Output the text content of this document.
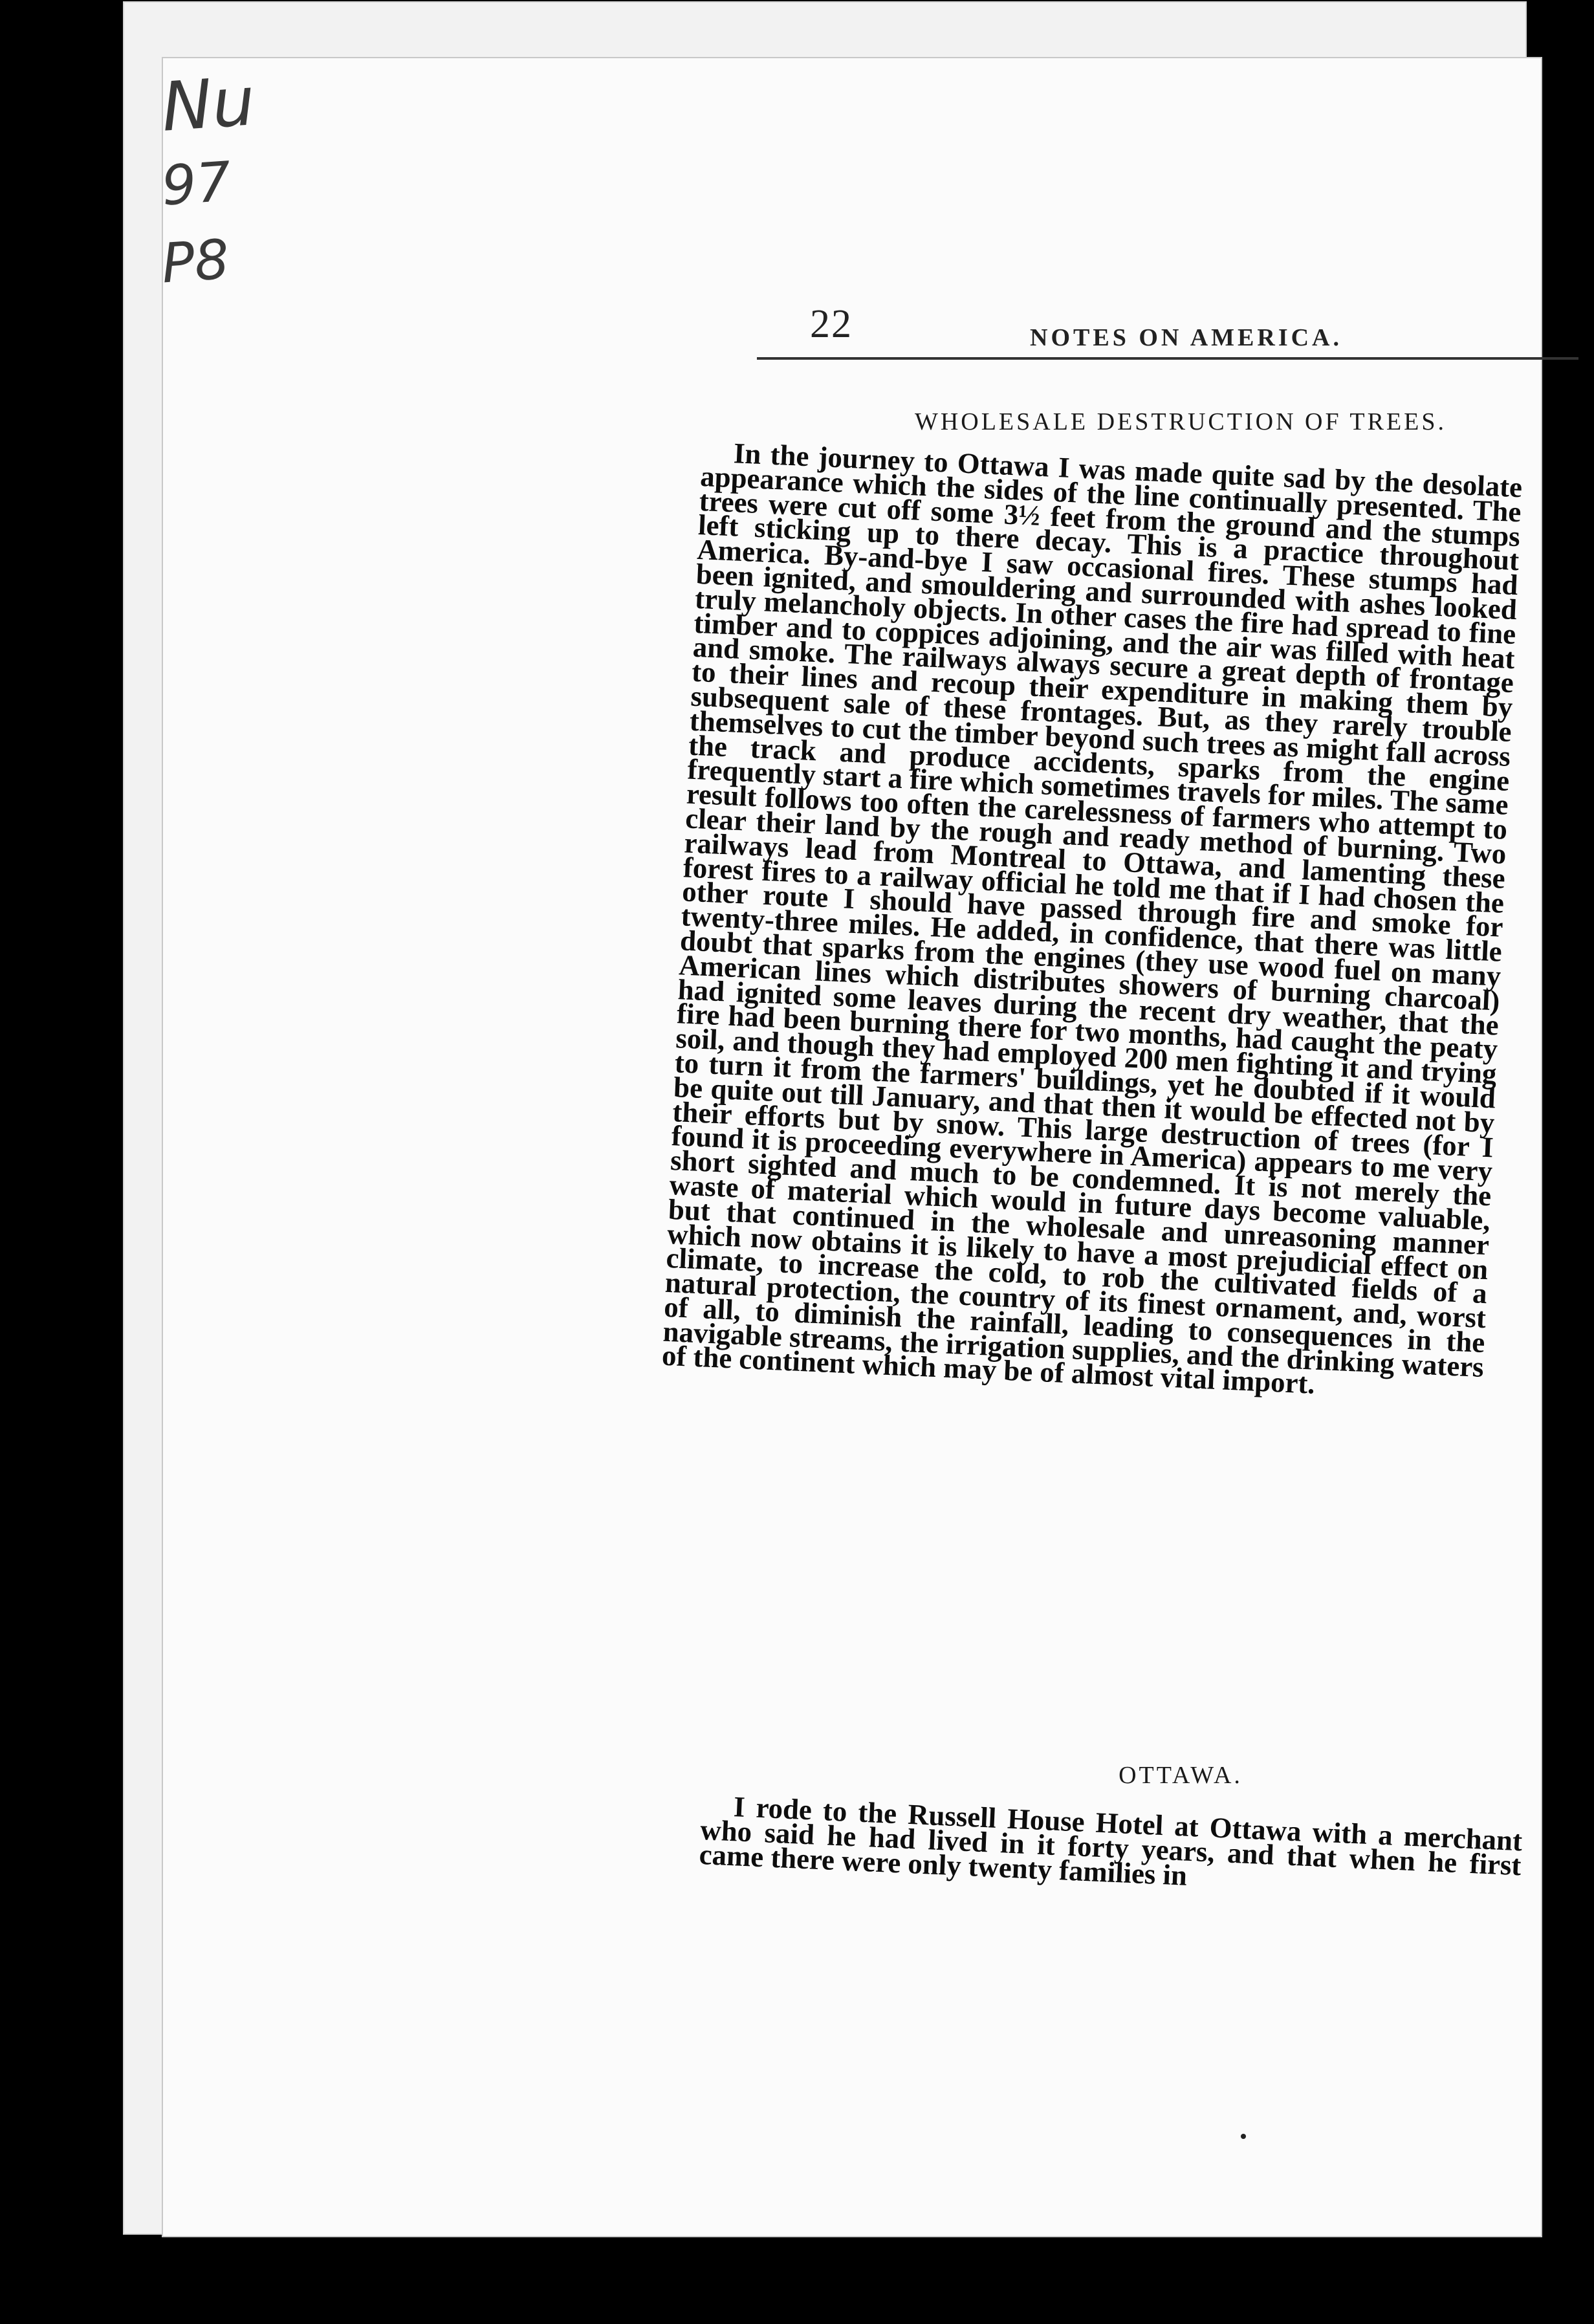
Nu
97
P8
22	NOTES ON AMERICA.
WHOLESALE DESTRUCTION OF TREES.

In the journey to Ottawa I was made quite sad by the desolate appearance which the sides of the line continually presented. The trees were cut off some 3½ feet from the ground and the stumps left sticking up to there decay. This is a practice throughout America. By-and-bye I saw occasional fires. These stumps had been ignited, and smouldering and surrounded with ashes looked truly melancholy objects. In other cases the fire had spread to fine timber and to coppices adjoining, and the air was filled with heat and smoke. The railways always secure a great depth of frontage to their lines and recoup their expenditure in making them by subsequent sale of these frontages. But, as they rarely trouble themselves to cut the timber beyond such trees as might fall across the track and produce accidents, sparks from the engine frequently start a fire which sometimes travels for miles. The same result follows too often the carelessness of farmers who attempt to clear their land by the rough and ready method of burning. Two railways lead from Montreal to Ottawa, and lamenting these forest fires to a railway official he told me that if I had chosen the other route I should have passed through fire and smoke for twenty-three miles. He added, in confidence, that there was little doubt that sparks from the engines (they use wood fuel on many American lines which distributes showers of burning charcoal) had ignited some leaves during the recent dry weather, that the fire had been burning there for two months, had caught the peaty soil, and though they had employed 200 men fighting it and trying to turn it from the farmers' buildings, yet he doubted if it would be quite out till January, and that then it would be effected not by their efforts but by snow. This large destruction of trees (for I found it is proceeding everywhere in America) appears to me very short sighted and much to be condemned. It is not merely the waste of material which would in future days become valuable, but that continued in the wholesale and unreasoning manner which now obtains it is likely to have a most prejudicial effect on climate, to increase the cold, to rob the cultivated fields of a natural protection, the country of its finest ornament, and, worst of all, to diminish the rainfall, leading to consequences in the navigable streams, the irrigation supplies, and the drinking waters of the continent which may be of almost vital import.

OTTAWA.

I rode to the Russell House Hotel at Ottawa with a merchant who said he had lived in it forty years, and that when he first came there were only twenty families in
